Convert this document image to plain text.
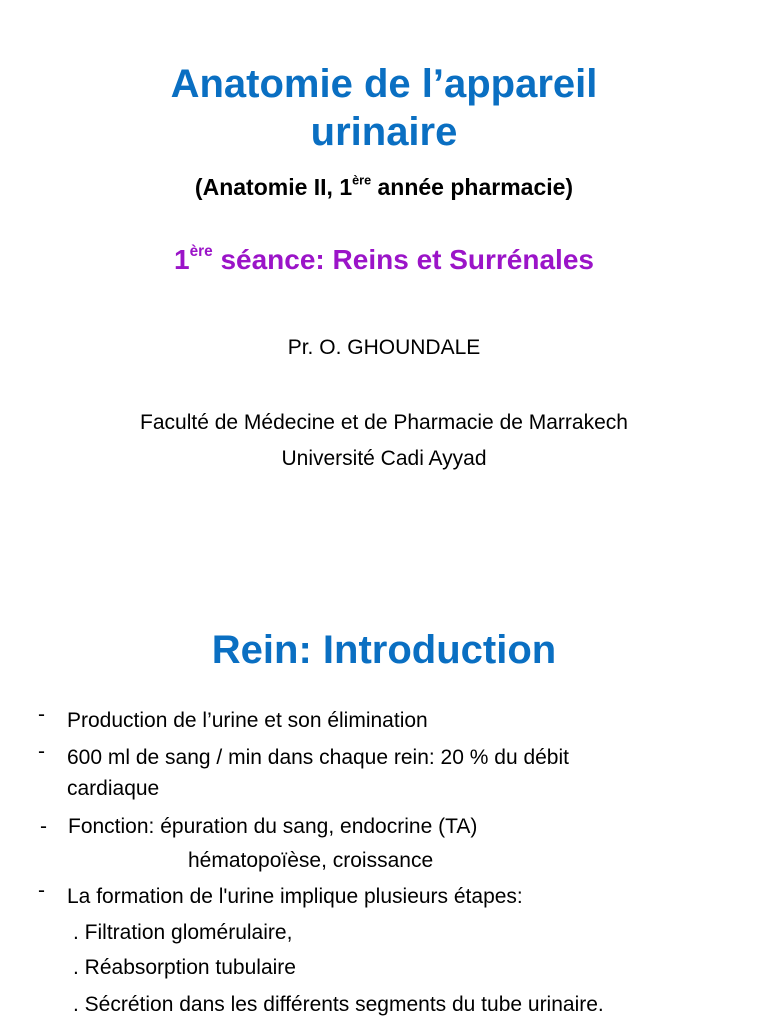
Anatomie de l’appareil
urinaire
(Anatomie II, 1ère année pharmacie)
1ère séance: Reins et Surrénales
Pr. O. GHOUNDALE
Faculté de Médecine et de Pharmacie de Marrakech
Université Cadi Ayyad
Rein: Introduction
- Production de l’urine et son élimination
- 600 ml de sang / min dans chaque rein: 20 % du débit
cardiaque
- Fonction: épuration du sang, endocrine (TA)
hématopoïèse, croissance
- La formation de l'urine implique plusieurs étapes:
. Filtration glomérulaire,
. Réabsorption tubulaire
. Sécrétion dans les différents segments du tube urinaire.
